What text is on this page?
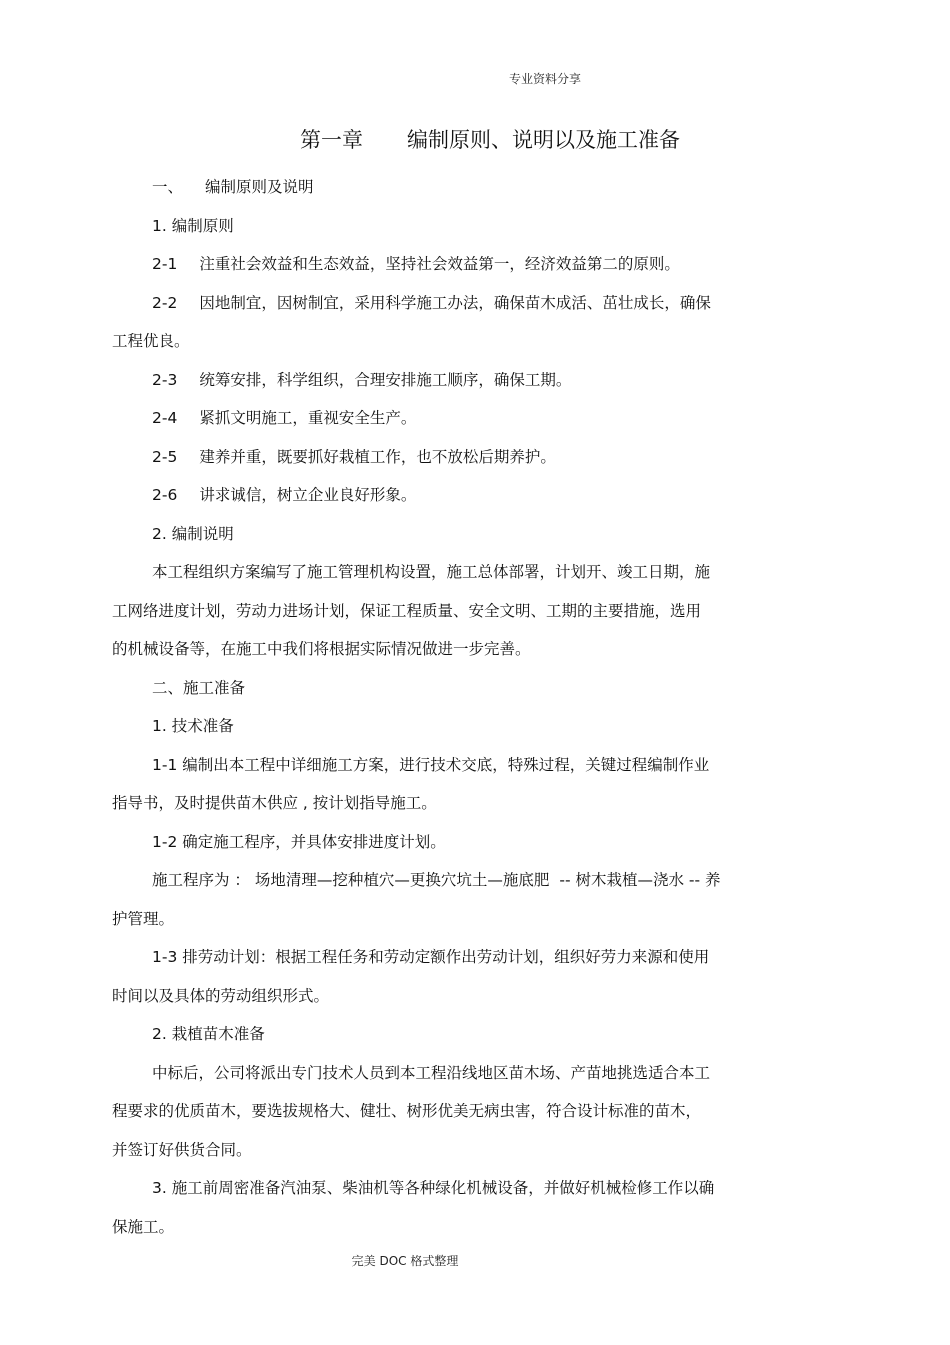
专业资料分享
第一章 编制原则、说明以及施工准备
一、 编制原则及说明
1. 编制原则
2-1 注重社会效益和生态效益，坚持社会效益第一，经济效益第二的原则。
2-2 因地制宜，因树制宜，采用科学施工办法，确保苗木成活、茁壮成长，确保
工程优良。
2-3 统筹安排，科学组织，合理安排施工顺序，确保工期。
2-4 紧抓文明施工，重视安全生产。
2-5 建养并重，既要抓好栽植工作，也不放松后期养护。
2-6 讲求诚信，树立企业良好形象。
2. 编制说明
本工程组织方案编写了施工管理机构设置，施工总体部署，计划开、竣工日期，施
工网络进度计划，劳动力进场计划，保证工程质量、安全文明、工期的主要措施，选用
的机械设备等，在施工中我们将根据实际情况做进一步完善。
二、施工准备
1. 技术准备
1-1 编制出本工程中详细施工方案，进行技术交底，特殊过程，关键过程编制作业
指导书，及时提供苗木供应 , 按计划指导施工。
1-2 确定施工程序，并具体安排进度计划。
施工程序为 ： 场地清理—挖种植穴—更换穴坑土—施底肥 -- 树木栽植—浇水 -- 养
护管理。
1-3 排劳动计划：根据工程任务和劳动定额作出劳动计划，组织好劳力来源和使用
时间以及具体的劳动组织形式。
2. 栽植苗木准备
中标后，公司将派出专门技术人员到本工程沿线地区苗木场、产苗地挑选适合本工
程要求的优质苗木，要选拔规格大、健壮、树形优美无病虫害，符合设计标准的苗木，
并签订好供货合同。
3. 施工前周密准备汽油泵、柴油机等各种绿化机械设备，并做好机械检修工作以确
保施工。
完美 DOC 格式整理
